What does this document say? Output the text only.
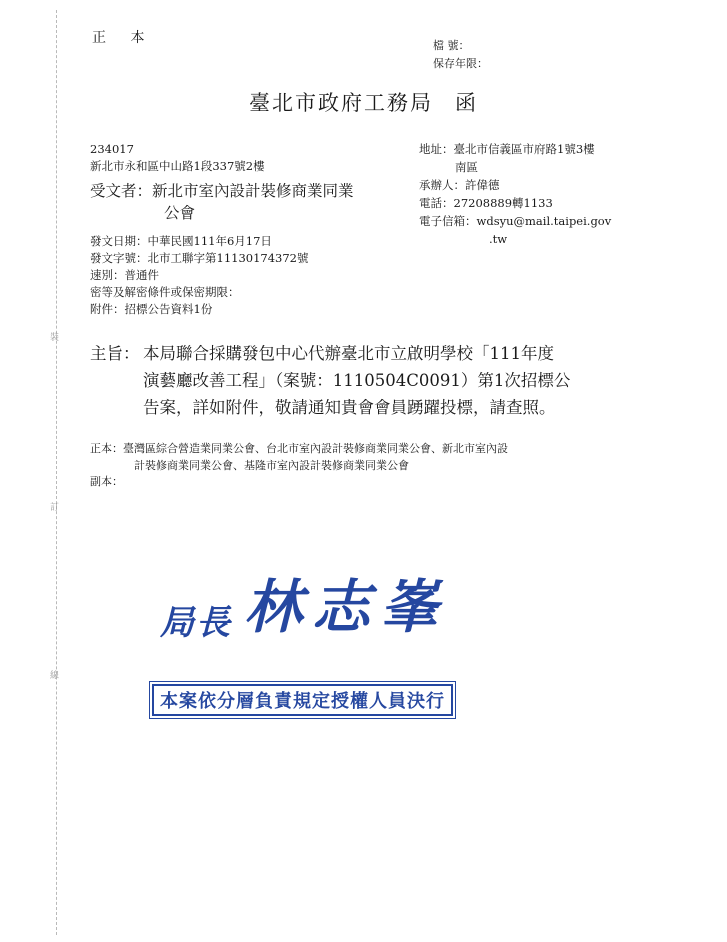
裝
訂
線
正 本	檔 號：
保存年限：
臺北市政府工務局 函
234017
新北市永和區中山路1段337號2樓
受文者：新北市室內設計裝修商業同業
公會
地址： 臺北市信義區市府路1號3樓
南區
承辦人： 許偉德
電話： 27208889轉1133
電子信箱： wdsyu@mail.taipei.gov
.tw
發文日期：中華民國111年6月17日
發文字號：北市工聯字第11130174372號
速別：普通件
密等及解密條件或保密期限：
附件：招標公告資料1份
主旨： 本局聯合採購發包中心代辦臺北市立啟明學校「111年度
演藝廳改善工程」（案號：1110504C0091）第1次招標公
告案，詳如附件，敬請通知貴會會員踴躍投標，請查照。
正本：臺灣區綜合營造業同業公會、台北市室內設計裝修商業同業公會、新北市室內設
計裝修商業同業公會、基隆市室內設計裝修商業同業公會
副本：
局長 林志峯
本案依分層負責規定授權人員決行
